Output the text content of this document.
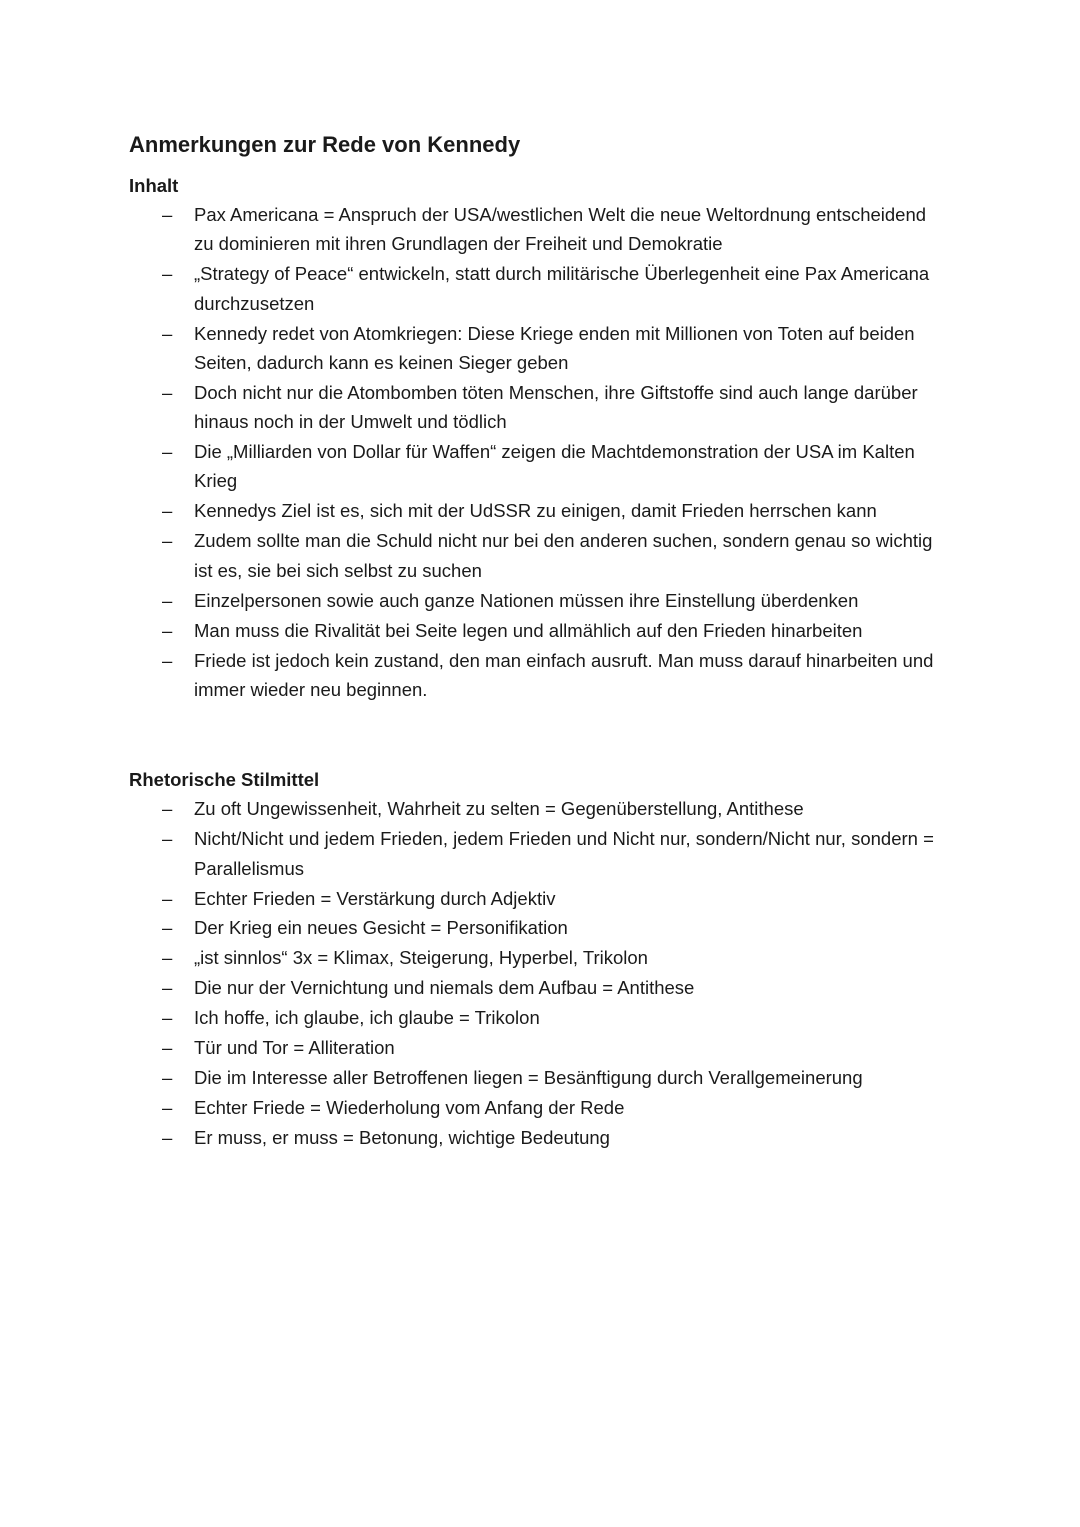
Anmerkungen zur Rede von Kennedy
Inhalt
–	Pax Americana = Anspruch der USA/westlichen Welt die neue Weltordnung entscheidend zu dominieren mit ihren Grundlagen der Freiheit und Demokratie
–	„Strategy of Peace“ entwickeln, statt durch militärische Überlegenheit eine Pax Americana durchzusetzen
–	Kennedy redet von Atomkriegen: Diese Kriege enden mit Millionen von Toten auf beiden Seiten, dadurch kann es keinen Sieger geben
–	Doch nicht nur die Atombomben töten Menschen, ihre Giftstoffe sind auch lange darüber hinaus noch in der Umwelt und tödlich
–	Die „Milliarden von Dollar für Waffen“ zeigen die Machtdemonstration der USA im Kalten Krieg
–	Kennedys Ziel ist es, sich mit der UdSSR zu einigen, damit Frieden herrschen kann
–	Zudem sollte man die Schuld nicht nur bei den anderen suchen, sondern genau so wichtig ist es, sie bei sich selbst zu suchen
–	Einzelpersonen sowie auch ganze Nationen müssen ihre Einstellung überdenken
–	Man muss die Rivalität bei Seite legen und allmählich auf den Frieden hinarbeiten
–	Friede ist jedoch kein zustand, den man einfach ausruft. Man muss darauf hinarbeiten und immer wieder neu beginnen.
Rhetorische Stilmittel
–	Zu oft Ungewissenheit, Wahrheit zu selten = Gegenüberstellung, Antithese
–	Nicht/Nicht und jedem Frieden, jedem Frieden und Nicht nur, sondern/Nicht nur, sondern = Parallelismus
–	Echter Frieden = Verstärkung durch Adjektiv
–	Der Krieg ein neues Gesicht = Personifikation
–	„ist sinnlos“ 3x = Klimax, Steigerung, Hyperbel, Trikolon
–	Die nur der Vernichtung und niemals dem Aufbau = Antithese
–	Ich hoffe, ich glaube, ich glaube = Trikolon
–	Tür und Tor = Alliteration
–	Die im Interesse aller Betroffenen liegen = Besänftigung durch Verallgemeinerung
–	Echter Friede = Wiederholung vom Anfang der Rede
–	Er muss, er muss = Betonung, wichtige Bedeutung
